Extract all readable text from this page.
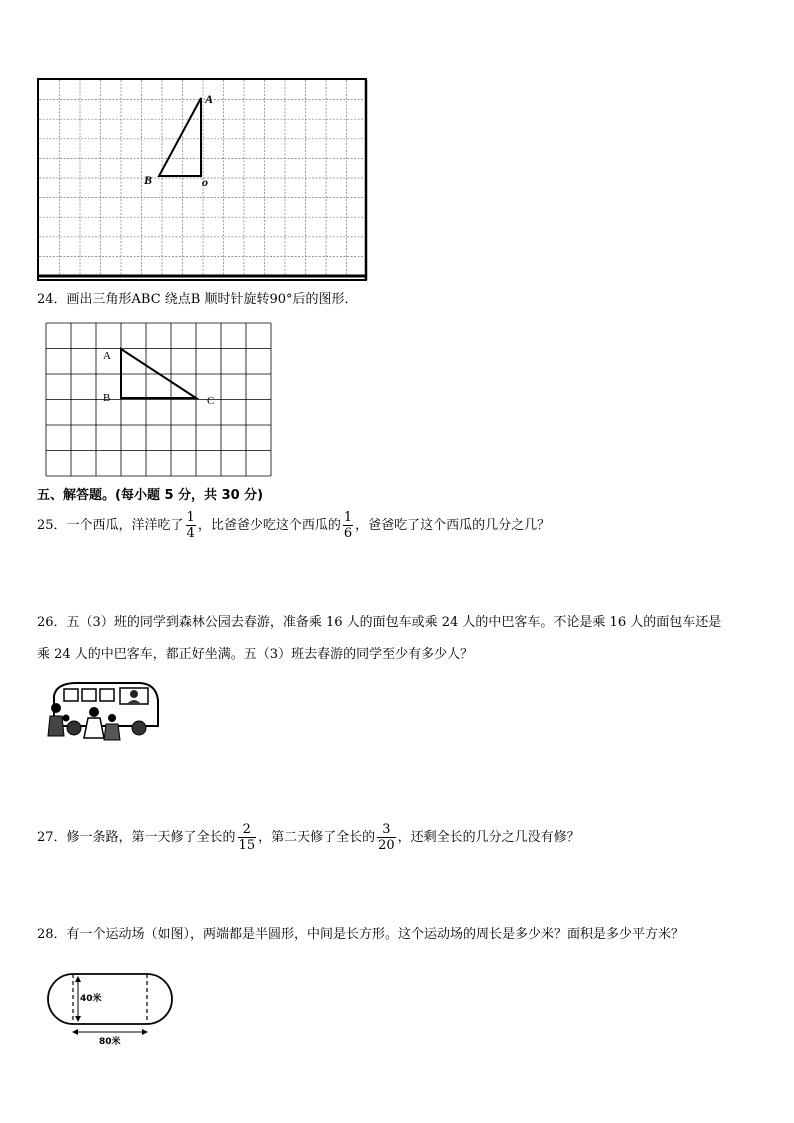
A
B	o
24．画出三角形ABC 绕点B 顺时针旋转90°后的图形．
A
B	C
五、解答题。(每小题 5 分，共 30 分)
25．一个西瓜，洋洋吃了 $\frac{1}{4}$ ，比爸爸少吃这个西瓜的 $\frac{1}{6}$ ，爸爸吃了这个西瓜的几分之几？
26．五（3）班的同学到森林公园去春游，准备乘 16 人的面包车或乘 24 人的中巴客车。不论是乘 16 人的面包车还是
乘 24 人的中巴客车，都正好坐满。五（3）班去春游的同学至少有多少人？
27．修一条路，第一天修了全长的 $\frac{2}{15}$ ，第二天修了全长的 $\frac{3}{20}$ ，还剩全长的几分之几没有修？
28．有一个运动场（如图），两端都是半圆形，中间是长方形。这个运动场的周长是多少米？面积是多少平方米？
40米
80米
